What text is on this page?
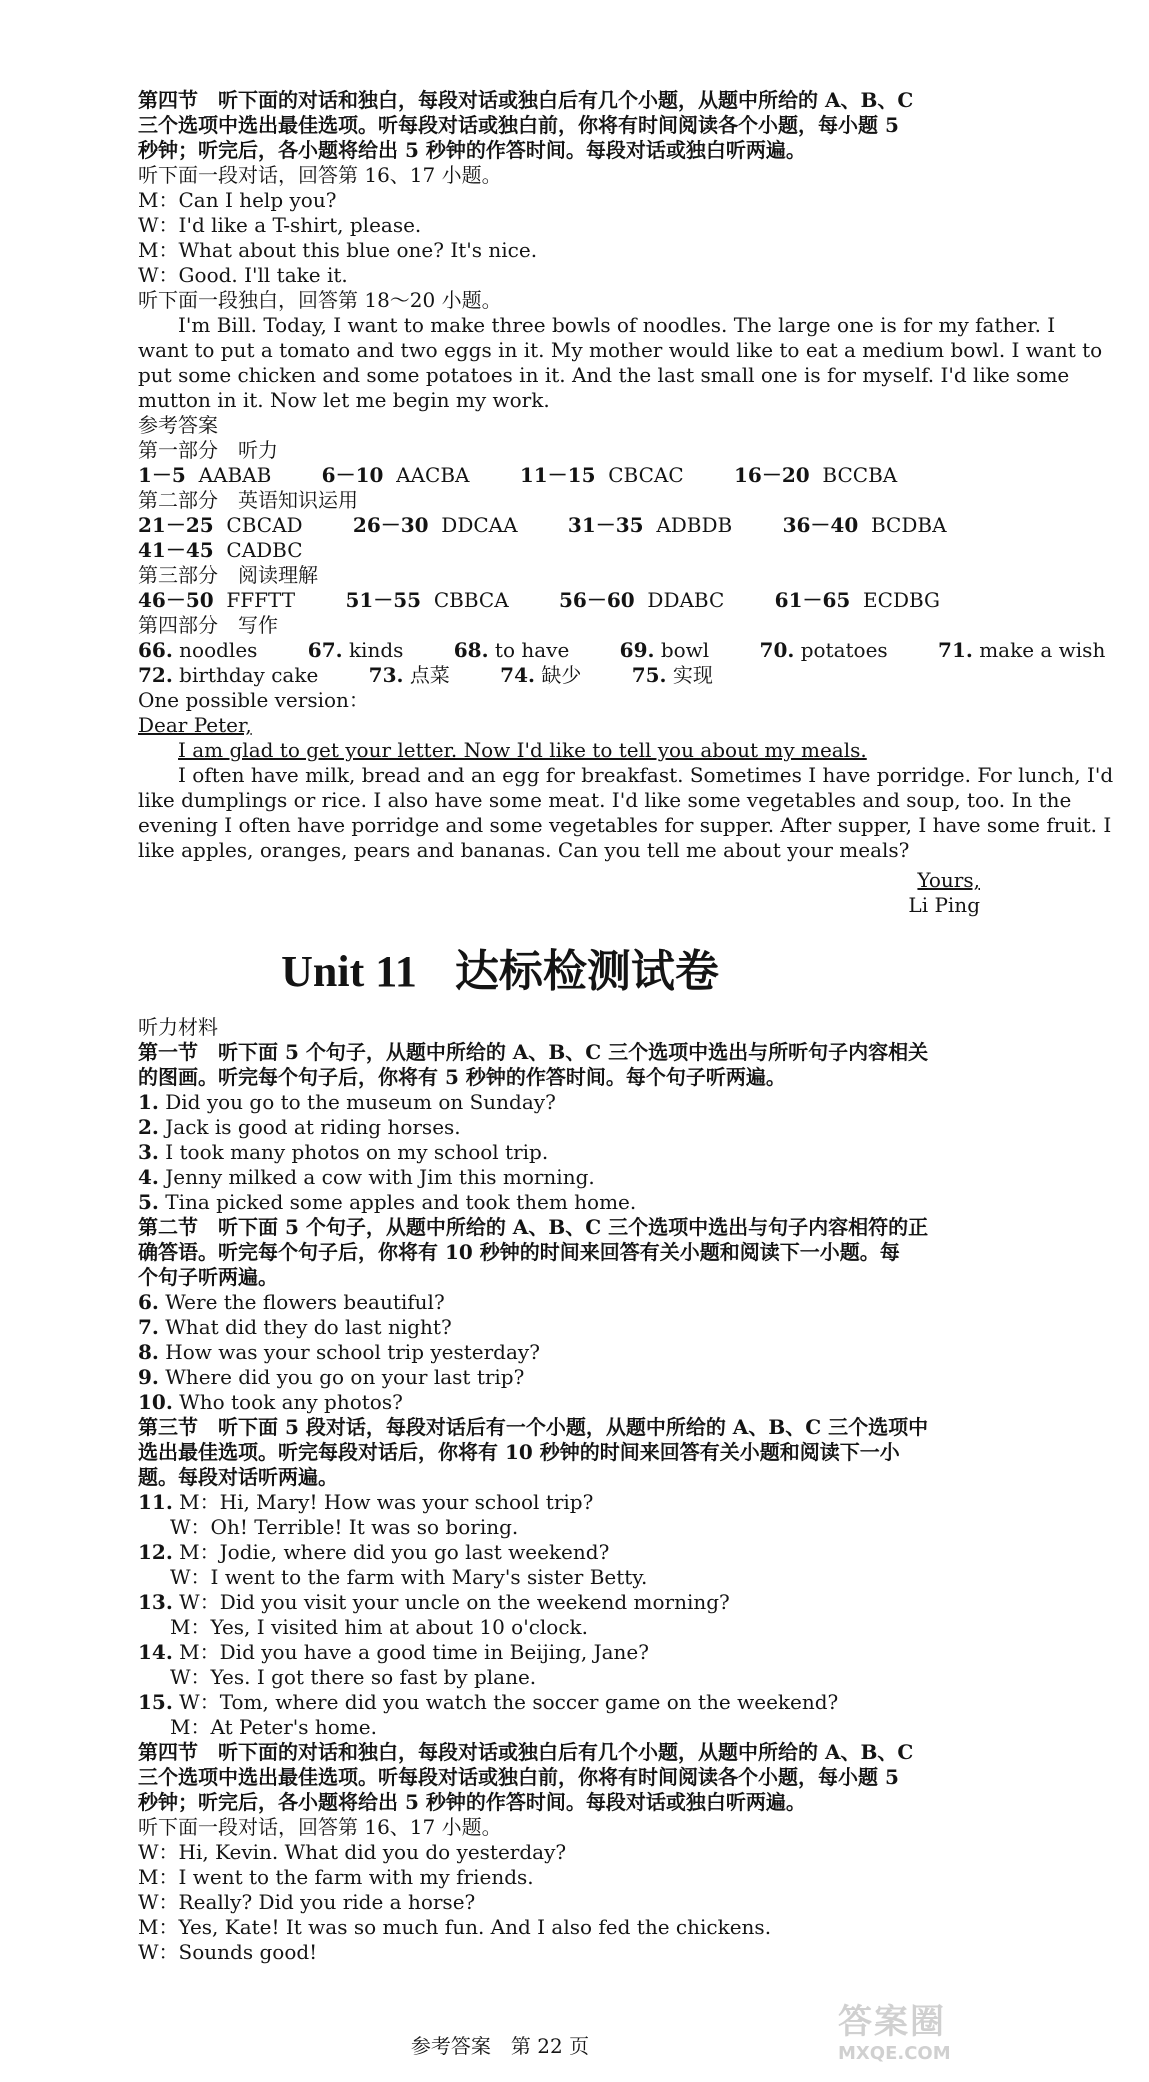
第四节　听下面的对话和独白，每段对话或独白后有几个小题，从题中所给的 A、B、C
三个选项中选出最佳选项。听每段对话或独白前，你将有时间阅读各个小题，每小题 5
秒钟；听完后，各小题将给出 5 秒钟的作答时间。每段对话或独白听两遍。
听下面一段对话，回答第 16、17 小题。
M：Can I help you?
W：I'd like a T-shirt, please.
M：What about this blue one? It's nice.
W：Good. I'll take it.
听下面一段独白，回答第 18～20 小题。
I'm Bill. Today, I want to make three bowls of noodles. The large one is for my father. I
want to put a tomato and two eggs in it. My mother would like to eat a medium bowl. I want to
put some chicken and some potatoes in it. And the last small one is for myself. I'd like some
mutton in it. Now let me begin my work.
参考答案
第一部分　听力
1－5 AABAB	6－10 AACBA	11－15 CBCAC	16－20 BCCBA
第二部分　英语知识运用
21－25 CBCAD	26－30 DDCAA	31－35 ADBDB	36－40 BCDBA
41－45 CADBC
第三部分　阅读理解
46－50 FFFTT	51－55 CBBCA	56－60 DDABC	61－65 ECDBG
第四部分　写作
66. noodles	67. kinds	68. to have	69. bowl	70. potatoes	71. make a wish
72. birthday cake	73. 点菜	74. 缺少	75. 实现
One possible version：
Dear Peter,
I am glad to get your letter. Now I'd like to tell you about my meals.
I often have milk, bread and an egg for breakfast. Sometimes I have porridge. For lunch, I'd
like dumplings or rice. I also have some meat. I'd like some vegetables and soup, too. In the
evening I often have porridge and some vegetables for supper. After supper, I have some fruit. I
like apples, oranges, pears and bananas. Can you tell me about your meals?
Yours,
Li Ping
Unit 11 达标检测试卷
听力材料
第一节　听下面 5 个句子，从题中所给的 A、B、C 三个选项中选出与所听句子内容相关
的图画。听完每个句子后，你将有 5 秒钟的作答时间。每个句子听两遍。
1. Did you go to the museum on Sunday?
2. Jack is good at riding horses.
3. I took many photos on my school trip.
4. Jenny milked a cow with Jim this morning.
5. Tina picked some apples and took them home.
第二节　听下面 5 个句子，从题中所给的 A、B、C 三个选项中选出与句子内容相符的正
确答语。听完每个句子后，你将有 10 秒钟的时间来回答有关小题和阅读下一小题。每
个句子听两遍。
6. Were the flowers beautiful?
7. What did they do last night?
8. How was your school trip yesterday?
9. Where did you go on your last trip?
10. Who took any photos?
第三节　听下面 5 段对话，每段对话后有一个小题，从题中所给的 A、B、C 三个选项中
选出最佳选项。听完每段对话后，你将有 10 秒钟的时间来回答有关小题和阅读下一小
题。每段对话听两遍。
11. M：Hi, Mary! How was your school trip?
W：Oh! Terrible! It was so boring.
12. M：Jodie, where did you go last weekend?
W：I went to the farm with Mary's sister Betty.
13. W：Did you visit your uncle on the weekend morning?
M：Yes, I visited him at about 10 o'clock.
14. M：Did you have a good time in Beijing, Jane?
W：Yes. I got there so fast by plane.
15. W：Tom, where did you watch the soccer game on the weekend?
M：At Peter's home.
第四节　听下面的对话和独白，每段对话或独白后有几个小题，从题中所给的 A、B、C
三个选项中选出最佳选项。听每段对话或独白前，你将有时间阅读各个小题，每小题 5
秒钟；听完后，各小题将给出 5 秒钟的作答时间。每段对话或独白听两遍。
听下面一段对话，回答第 16、17 小题。
W：Hi, Kevin. What did you do yesterday?
M：I went to the farm with my friends.
W：Really? Did you ride a horse?
M：Yes, Kate! It was so much fun. And I also fed the chickens.
W：Sounds good!
参考答案　第 22 页
答案圈
MXQE.COM
